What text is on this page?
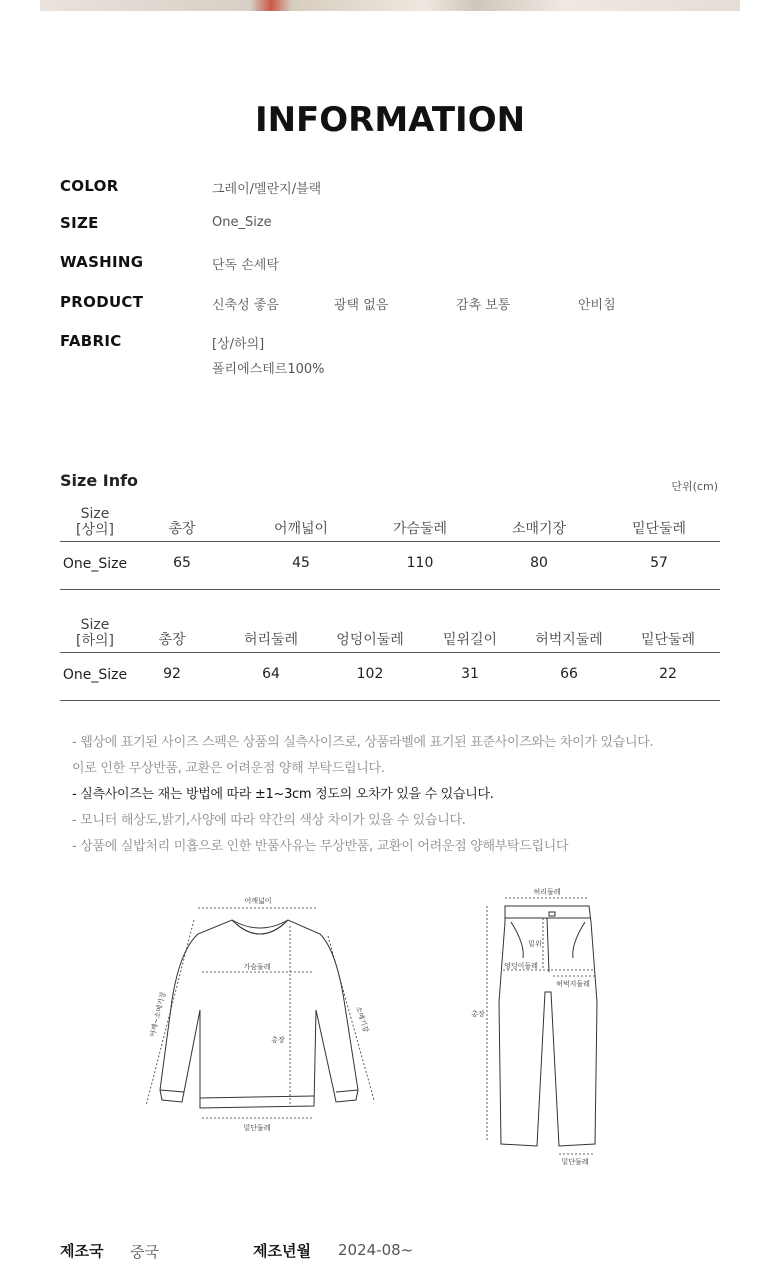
INFORMATION
COLOR	그레이/멜란지/블랙
SIZE	One_Size
WASHING	단독 손세탁
PRODUCT	신축성 좋음	광택 없음	감촉 보통	안비침
FABRIC	[상/하의]
폴리에스테르100%
Size Info	단위(cm)
Size
[상의]	총장	어깨넓이	가슴둘레	소매기장	밑단둘레
One_Size	65	45	110	80	57
Size
[하의]	총장	허리둘레	엉덩이둘레	밑위길이	허벅지둘레	밑단둘레
One_Size	92	64	102	31	66	22
- 웹상에 표기된 사이즈 스펙은 상품의 실측사이즈로, 상품라벨에 표기된 표준사이즈와는 차이가 있습니다.
이로 인한 무상반품, 교환은 어려운점 양해 부탁드립니다.
- 실측사이즈는 재는 방법에 따라 ±1~3cm 정도의 오차가 있을 수 있습니다.
- 모니터 해상도,밝기,사양에 따라 약간의 색상 차이가 있을 수 있습니다.
- 상품에 실밥처리 미흡으로 인한 반품사유는 무상반품, 교환이 어려운점 양해부탁드립니다
어깨넓이
가슴둘레
총장
밑단둘레
소매기장
어깨~소매기장
허리둘레
밑위
엉덩이둘레
허벅지둘레
총장
밑단둘레
제조국 중국	제조년월 2024-08~
